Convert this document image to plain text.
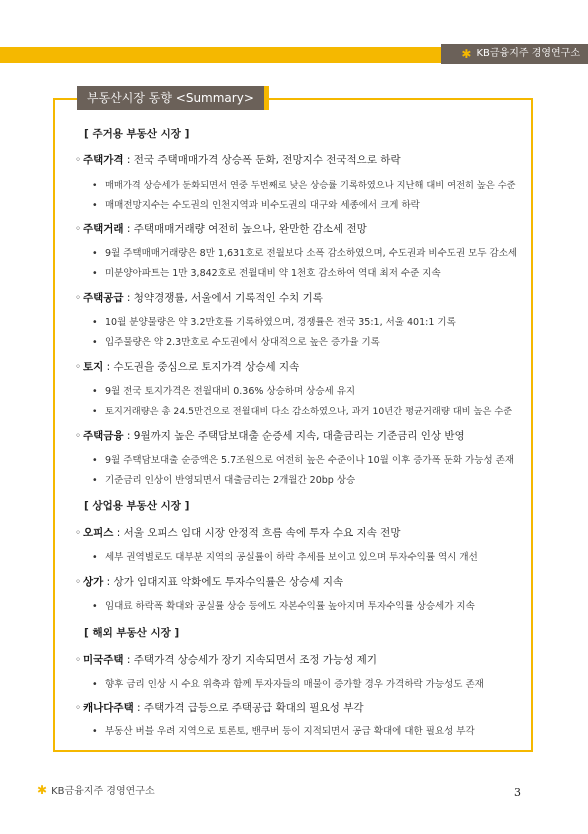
✱ KB금융지주 경영연구소
부동산시장 동향 <Summary>
[ 주거용 부동산 시장 ]
◦ 주택가격 : 전국 주택매매가격 상승폭 둔화, 전망지수 전국적으로 하락
• 매매가격 상승세가 둔화되면서 연중 두번째로 낮은 상승률 기록하였으나 지난해 대비 여전히 높은 수준
• 매매전망지수는 수도권의 인천지역과 비수도권의 대구와 세종에서 크게 하락
◦ 주택거래 : 주택매매거래량 여전히 높으나, 완만한 감소세 전망
• 9월 주택매매거래량은 8만 1,631호로 전월보다 소폭 감소하였으며, 수도권과 비수도권 모두 감소세
• 미분양아파트는 1만 3,842호로 전월대비 약 1천호 감소하여 역대 최저 수준 지속
◦ 주택공급 : 청약경쟁률, 서울에서 기록적인 수치 기록
• 10월 분양물량은 약 3.2만호를 기록하였으며, 경쟁률은 전국 35:1, 서울 401:1 기록
• 입주물량은 약 2.3만호로 수도권에서 상대적으로 높은 증가율 기록
◦ 토지 : 수도권을 중심으로 토지가격 상승세 지속
• 9월 전국 토지가격은 전월대비 0.36% 상승하며 상승세 유지
• 토지거래량은 총 24.5만건으로 전월대비 다소 감소하였으나, 과거 10년간 평균거래량 대비 높은 수준
◦ 주택금융 : 9월까지 높은 주택담보대출 순증세 지속, 대출금리는 기준금리 인상 반영
• 9월 주택담보대출 순증액은 5.7조원으로 여전히 높은 수준이나 10월 이후 증가폭 둔화 가능성 존재
• 기준금리 인상이 반영되면서 대출금리는 2개월간 20bp 상승
[ 상업용 부동산 시장 ]
◦ 오피스 : 서울 오피스 임대 시장 안정적 흐름 속에 투자 수요 지속 전망
• 세부 권역별로도 대부분 지역의 공실률이 하락 추세를 보이고 있으며 투자수익률 역시 개선
◦ 상가 : 상가 임대지표 악화에도 투자수익률은 상승세 지속
• 임대료 하락폭 확대와 공실률 상승 등에도 자본수익률 높아지며 투자수익률 상승세가 지속
[ 해외 부동산 시장 ]
◦ 미국주택 : 주택가격 상승세가 장기 지속되면서 조정 가능성 제기
• 향후 금리 인상 시 수요 위축과 함께 투자자들의 매물이 증가할 경우 가격하락 가능성도 존재
◦ 캐나다주택 : 주택가격 급등으로 주택공급 확대의 필요성 부각
• 부동산 버블 우려 지역으로 토론토, 밴쿠버 등이 지적되면서 공급 확대에 대한 필요성 부각
✱ KB금융지주 경영연구소	3
